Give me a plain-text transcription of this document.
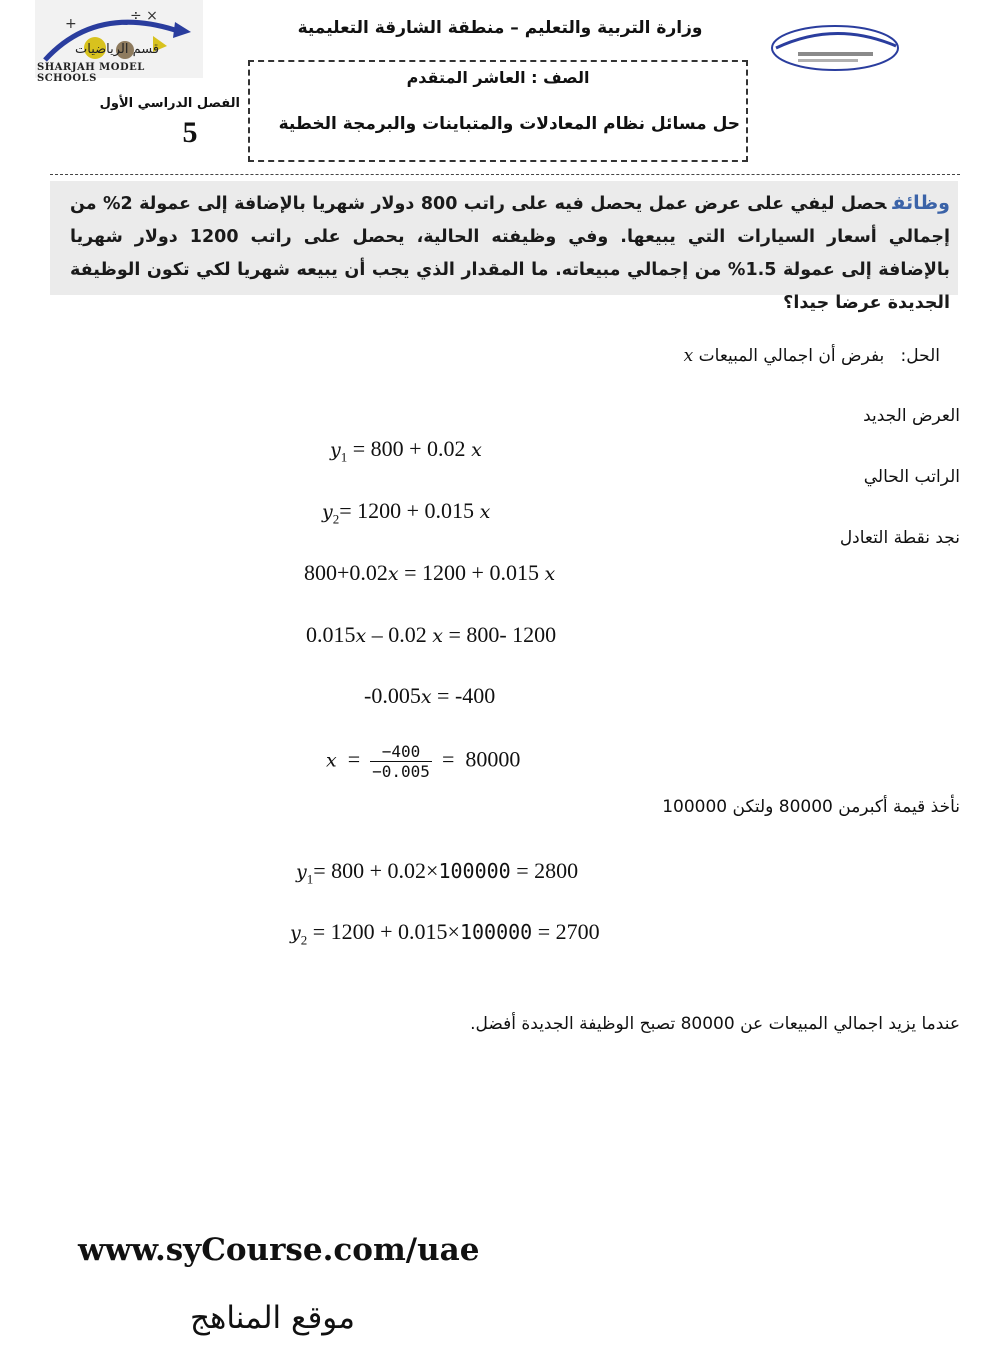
÷ ×
+
قسم الرياضيات
SHARJAH MODEL SCHOOLS
وزارة التربية والتعليم – منطقة الشارقة التعليمية
الصف : العاشر المتقدم
حل مسائل نظام المعادلات والمتباينات والبرمجة الخطية
الفصل الدراسي الأول
5
وظائفحصل ليفي على عرض عمل يحصل فيه على راتب 800 دولار شهريا بالإضافة إلى عمولة 2% من إجمالي أسعار السيارات التي يبيعها. وفي وظيفته الحالية، يحصل على راتب 1200 دولار شهريا بالإضافة إلى عمولة 1.5% من إجمالي مبيعاته. ما المقدار الذي يجب أن يبيعه شهريا لكي تكون الوظيفة الجديدة عرضا جيدا؟
الحل:   بفرض أن اجمالي المبيعات x
العرض الجديد
$y_1 = 800 + 0.02$ x
الراتب الحالي
$y_2= 1200 + 0.015$ x
نجد نقطة التعادل
800+0.02x = 1200 + 0.015 x
0.015x – 0.02 x = 800- 1200
-0.005x = -400
$x = \frac{-400}{-0.005} = 80000$
نأخذ قيمة أكبرمن 80000 ولتكن 100000
$y_1= 800 + 0.02\times 100000 = 2800$
$y_2 = 1200 + 0.015\times 100000 = 2700$
عندما يزيد اجمالي المبيعات عن 80000 تصبح الوظيفة الجديدة أفضل.
www.syCourse.com/uae
موقع المناهج
